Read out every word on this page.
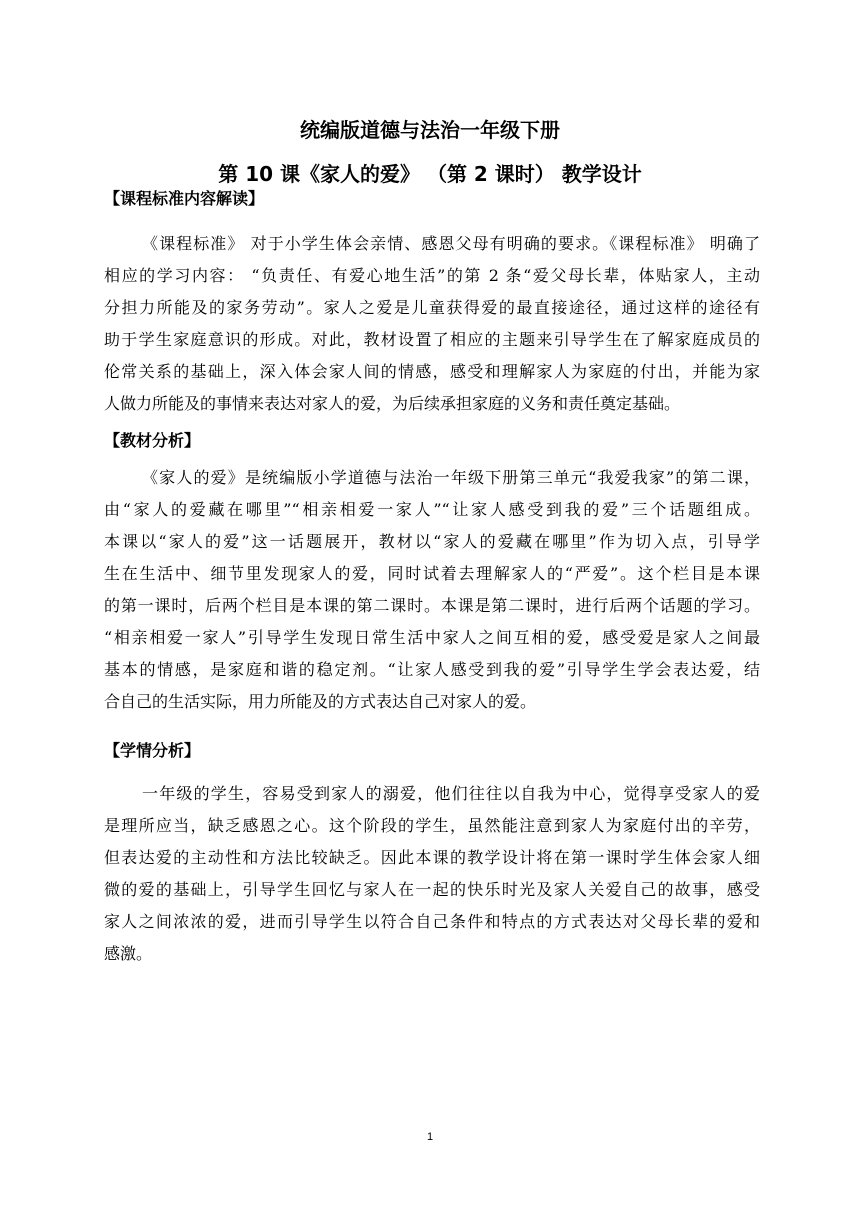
统编版道德与法治一年级下册
第 10 课《家人的爱》 （第 2 课时） 教学设计
【课程标准内容解读】
《课程标准》 对于小学生体会亲情、感恩父母有明确的要求。《课程标准》 明确了
相应的学习内容： “负责任、有爱心地生活”的第 2 条“爱父母长辈，体贴家人，主动
分担力所能及的家务劳动”。家人之爱是儿童获得爱的最直接途径，通过这样的途径有
助于学生家庭意识的形成。对此，教材设置了相应的主题来引导学生在了解家庭成员的
伦常关系的基础上，深入体会家人间的情感，感受和理解家人为家庭的付出，并能为家
人做力所能及的事情来表达对家人的爱，为后续承担家庭的义务和责任奠定基础。
【教材分析】
《家人的爱》是统编版小学道德与法治一年级下册第三单元“我爱我家”的第二课，
由“家人的爱藏在哪里”“相亲相爱一家人”“让家人感受到我的爱”三个话题组成。
本课以“家人的爱”这一话题展开，教材以“家人的爱藏在哪里”作为切入点，引导学
生在生活中、细节里发现家人的爱，同时试着去理解家人的“严爱”。这个栏目是本课
的第一课时，后两个栏目是本课的第二课时。本课是第二课时，进行后两个话题的学习。
“相亲相爱一家人”引导学生发现日常生活中家人之间互相的爱，感受爱是家人之间最
基本的情感，是家庭和谐的稳定剂。“让家人感受到我的爱”引导学生学会表达爱，结
合自己的生活实际，用力所能及的方式表达自己对家人的爱。
【学情分析】
一年级的学生，容易受到家人的溺爱，他们往往以自我为中心，觉得享受家人的爱
是理所应当，缺乏感恩之心。这个阶段的学生，虽然能注意到家人为家庭付出的辛劳，
但表达爱的主动性和方法比较缺乏。因此本课的教学设计将在第一课时学生体会家人细
微的爱的基础上，引导学生回忆与家人在一起的快乐时光及家人关爱自己的故事，感受
家人之间浓浓的爱，进而引导学生以符合自己条件和特点的方式表达对父母长辈的爱和
感激。
1
